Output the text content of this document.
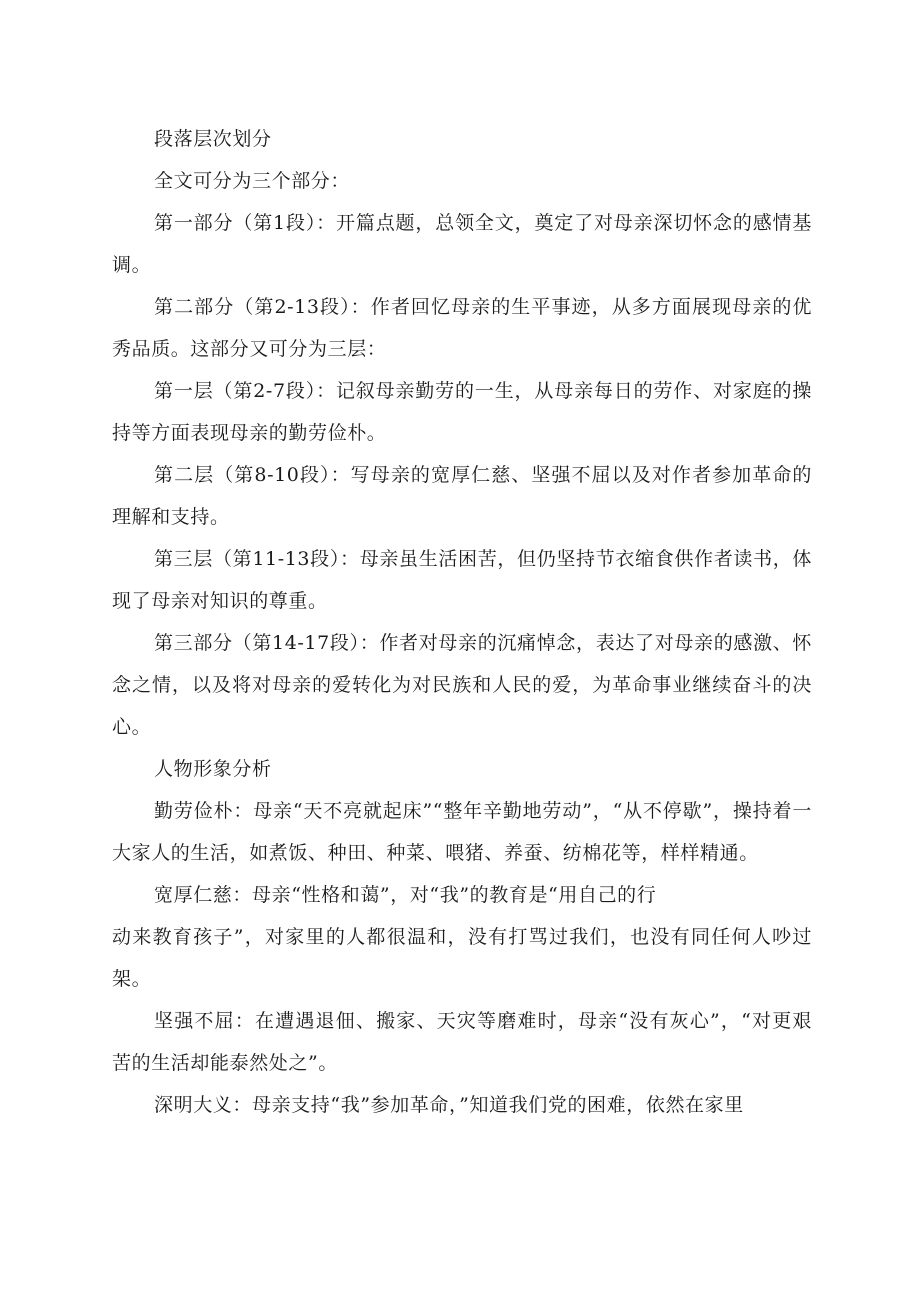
段落层次划分

全文可分为三个部分：

第一部分（第1段）：开篇点题，总领全文，奠定了对母亲深切怀念的感情基调。

第二部分（第2-13段）：作者回忆母亲的生平事迹，从多方面展现母亲的优秀品质。这部分又可分为三层：

第一层（第2-7段）：记叙母亲勤劳的一生，从母亲每日的劳作、对家庭的操持等方面表现母亲的勤劳俭朴。

第二层（第8-10段）：写母亲的宽厚仁慈、坚强不屈以及对作者参加革命的理解和支持。

第三层（第11-13段）：母亲虽生活困苦，但仍坚持节衣缩食供作者读书，体现了母亲对知识的尊重。

第三部分（第14-17段）：作者对母亲的沉痛悼念，表达了对母亲的感激、怀念之情，以及将对母亲的爱转化为对民族和人民的爱，为革命事业继续奋斗的决心。

人物形象分析

勤劳俭朴：母亲“天不亮就起床”“整年辛勤地劳动”，“从不停歇”，操持着一大家人的生活，如煮饭、种田、种菜、喂猪、养蚕、纺棉花等，样样精通。

宽厚仁慈：母亲“性格和蔼”，对“我”的教育是“用自己的行

动来教育孩子”，对家里的人都很温和，没有打骂过我们，也没有同任何人吵过架。

坚强不屈：在遭遇退佃、搬家、天灾等磨难时，母亲“没有灰心”，“对更艰苦的生活却能泰然处之”。

深明大义：母亲支持“我”参加革命，”知道我们党的困难，依然在家里
